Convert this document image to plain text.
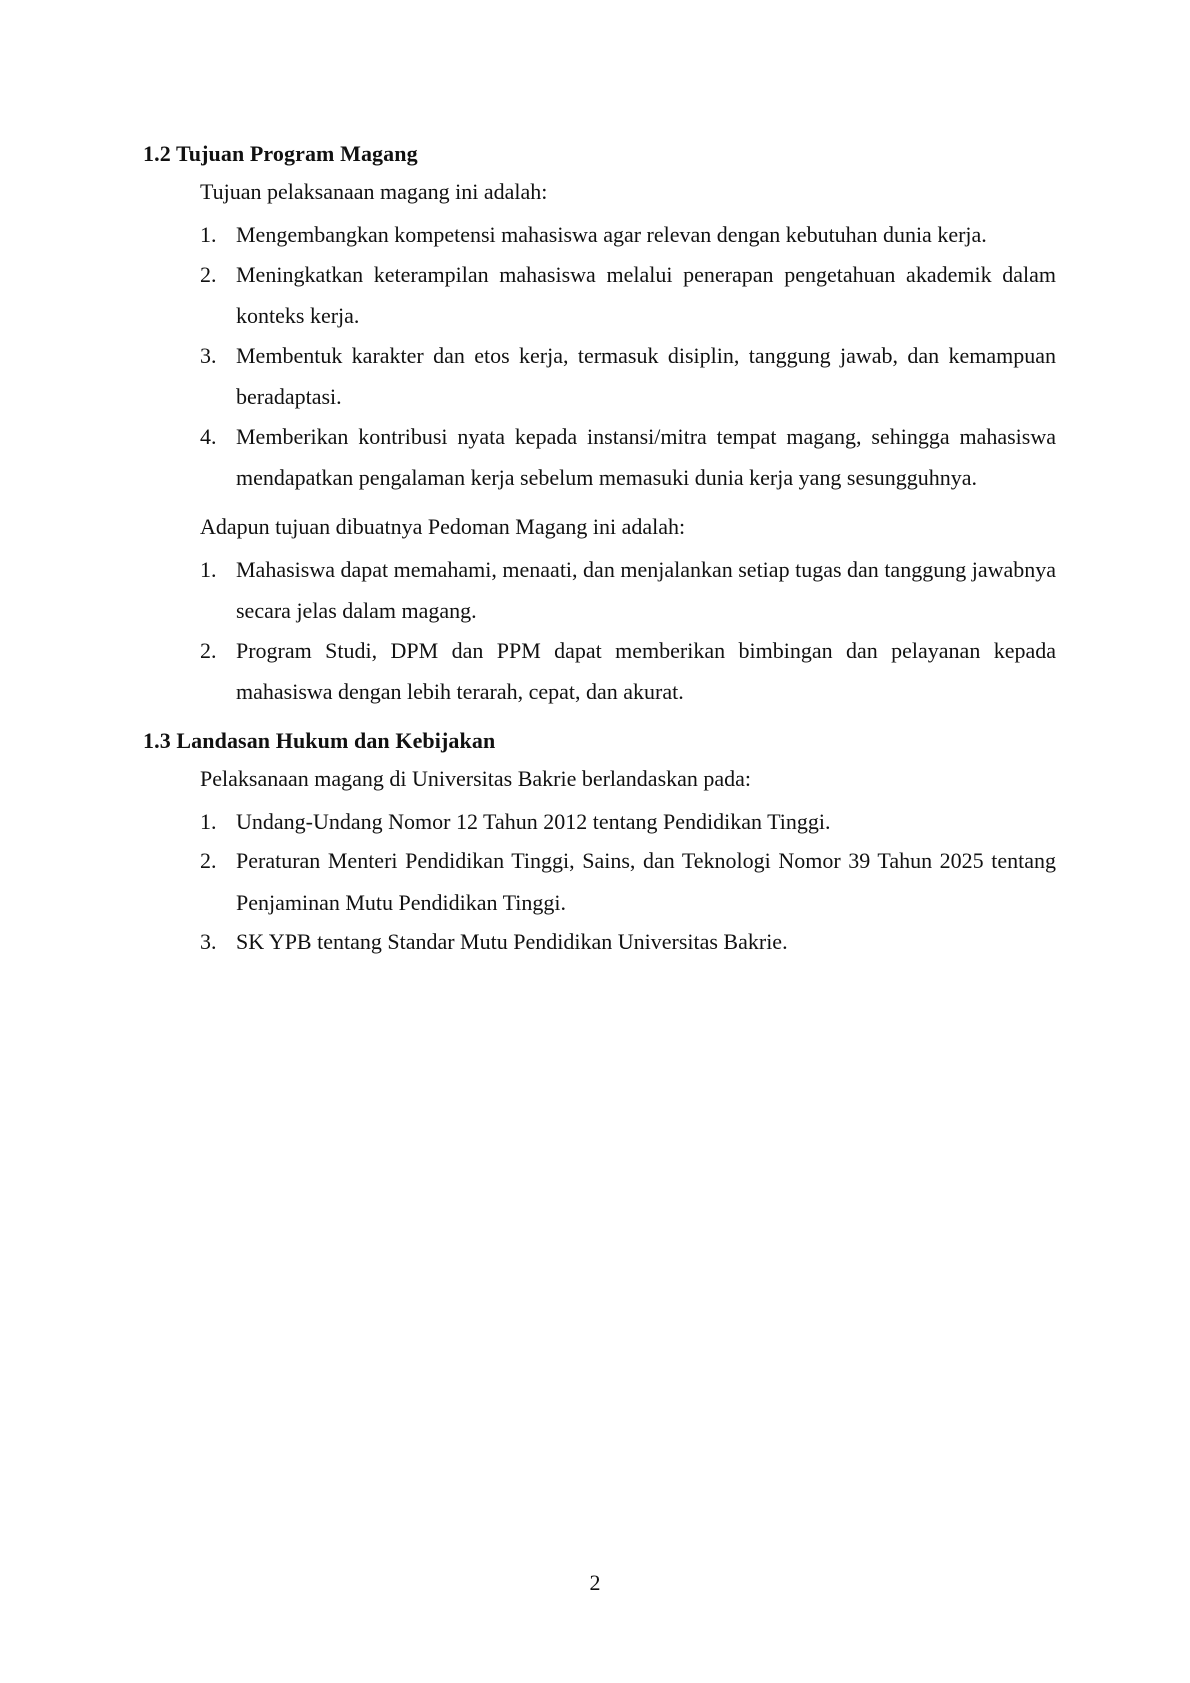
1.2 Tujuan Program Magang

Tujuan pelaksanaan magang ini adalah:

1. Mengembangkan kompetensi mahasiswa agar relevan dengan kebutuhan dunia kerja.
2. Meningkatkan keterampilan mahasiswa melalui penerapan pengetahuan akademik dalam konteks kerja.
3. Membentuk karakter dan etos kerja, termasuk disiplin, tanggung jawab, dan kemampuan beradaptasi.
4. Memberikan kontribusi nyata kepada instansi/mitra tempat magang, sehingga mahasiswa mendapatkan pengalaman kerja sebelum memasuki dunia kerja yang sesungguhnya.

Adapun tujuan dibuatnya Pedoman Magang ini adalah:

1. Mahasiswa dapat memahami, menaati, dan menjalankan setiap tugas dan tanggung jawabnya secara jelas dalam magang.
2. Program Studi, DPM dan PPM dapat memberikan bimbingan dan pelayanan kepada mahasiswa dengan lebih terarah, cepat, dan akurat.
1.3 Landasan Hukum dan Kebijakan

Pelaksanaan magang di Universitas Bakrie berlandaskan pada:

1. Undang-Undang Nomor 12 Tahun 2012 tentang Pendidikan Tinggi.
2. Peraturan Menteri Pendidikan Tinggi, Sains, dan Teknologi Nomor 39 Tahun 2025 tentang Penjaminan Mutu Pendidikan Tinggi.
3. SK YPB tentang Standar Mutu Pendidikan Universitas Bakrie.
2
